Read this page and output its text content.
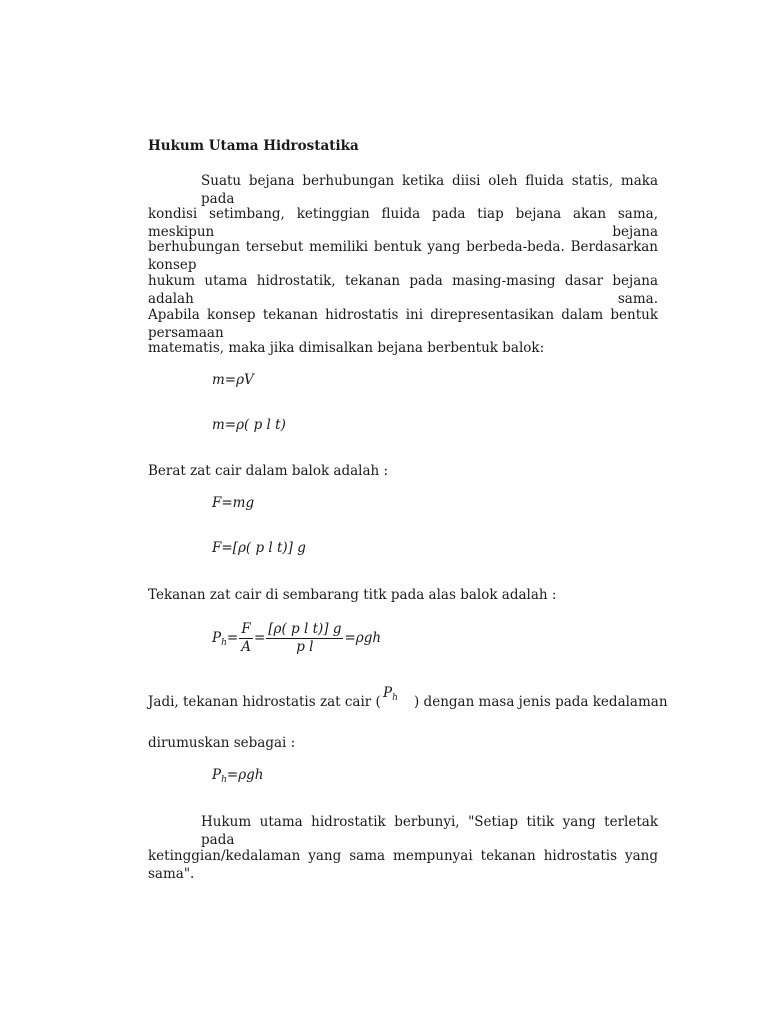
Hukum Utama Hidrostatika
Suatu bejana berhubungan ketika diisi oleh fluida statis, maka pada
kondisi setimbang, ketinggian fluida pada tiap bejana akan sama, meskipun bejana
berhubungan tersebut memiliki bentuk yang berbeda-beda. Berdasarkan konsep
hukum utama hidrostatik, tekanan pada masing-masing dasar bejana adalah sama.
Apabila konsep tekanan hidrostatis ini direpresentasikan dalam bentuk persamaan
matematis, maka jika dimisalkan bejana berbentuk balok:
m=ρV
m=ρ( p l t)
Berat zat cair dalam balok adalah :
F=mg
F=[ρ( p l t)] g
Tekanan zat cair di sembarang titk pada alas balok adalah :
$P_h= \frac{F}{A} = \frac{\text{[ρ( p l t)] g}}{\text{p l}} =\rho gh$
Jadi, tekanan hidrostatis zat cair (
$P_h$ ) dengan masa jenis pada kedalaman
dirumuskan sebagai :
$P_h=\rho gh$
Hukum utama hidrostatik berbunyi, "Setiap titik yang terletak pada
ketinggian/kedalaman yang sama mempunyai tekanan hidrostatis yang sama".
